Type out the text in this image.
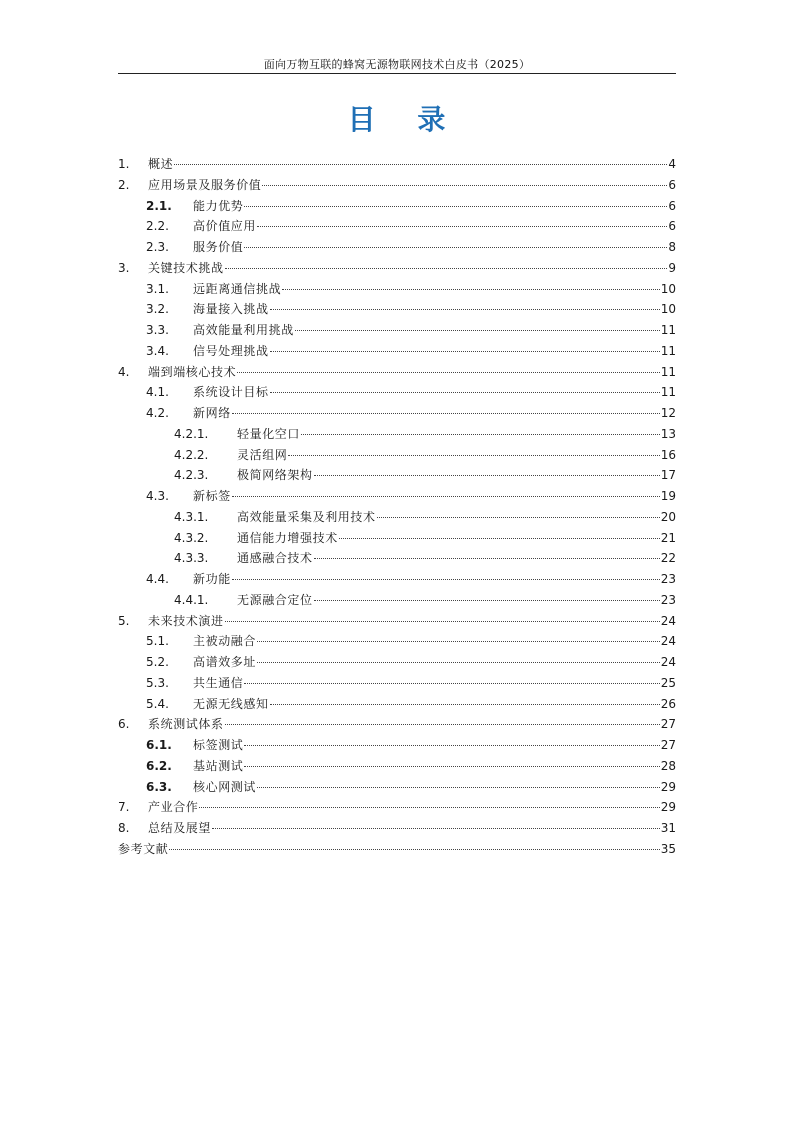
面向万物互联的蜂窝无源物联网技术白皮书（2025）
目 录
1.	概述	4
2.	应用场景及服务价值	6
2.1.	能力优势	6
2.2.	高价值应用	6
2.3.	服务价值	8
3.	关键技术挑战	9
3.1.	远距离通信挑战	10
3.2.	海量接入挑战	10
3.3.	高效能量利用挑战	11
3.4.	信号处理挑战	11
4.	端到端核心技术	11
4.1.	系统设计目标	11
4.2.	新网络	12
4.2.1.	轻量化空口	13
4.2.2.	灵活组网	16
4.2.3.	极简网络架构	17
4.3.	新标签	19
4.3.1.	高效能量采集及利用技术	20
4.3.2.	通信能力增强技术	21
4.3.3.	通感融合技术	22
4.4.	新功能	23
4.4.1.	无源融合定位	23
5.	未来技术演进	24
5.1.	主被动融合	24
5.2.	高谱效多址	24
5.3.	共生通信	25
5.4.	无源无线感知	26
6.	系统测试体系	27
6.1.	标签测试	27
6.2.	基站测试	28
6.3.	核心网测试	29
7.	产业合作	29
8.	总结及展望	31
参考文献	35
